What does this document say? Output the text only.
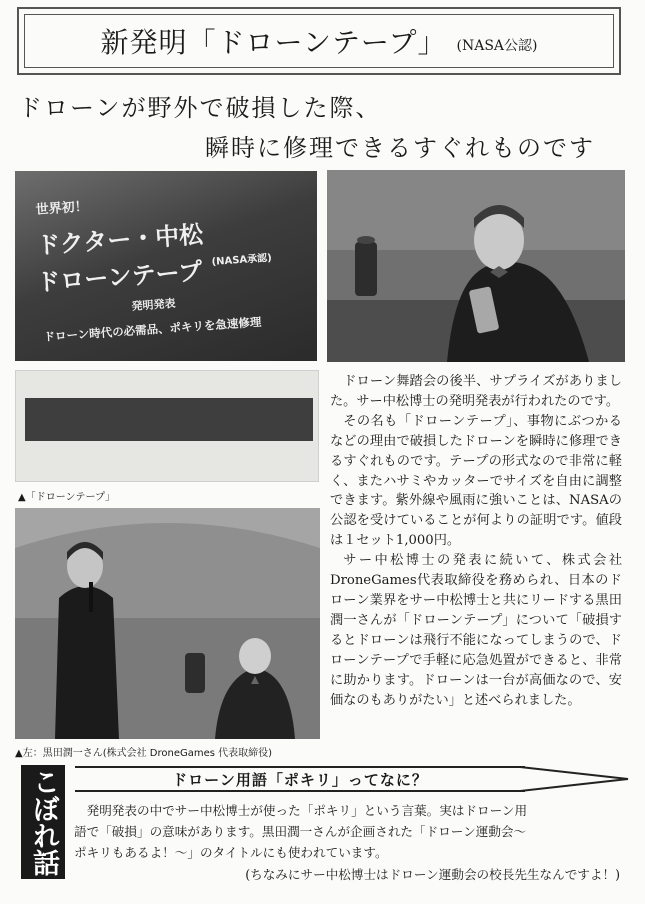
新発明「ドローンテープ」 (NASA公認)
ドローンが野外で破損した際、
瞬時に修理できるすぐれものです
世界初！
ドクター・中松
ドローンテープ (NASA承認)
発明発表
ドローン時代の必需品、ポキリを急速修理
▲「ドローンテープ」
▲左：黒田潤一さん(株式会社 DroneGames 代表取締役)

ドローン舞踏会の後半、サプライズがありました。サー中松博士の発明発表が行われたのです。

その名も「ドローンテープ」、事物にぶつかるなどの理由で破損したドローンを瞬時に修理できるすぐれものです。テープの形式なので非常に軽く、またハサミやカッターでサイズを自由に調整できます。紫外線や風雨に強いことは、NASAの公認を受けていることが何よりの証明です。値段は１セット1,000円。

サー中松博士の発表に続いて、株式会社DroneGames代表取締役を務められ、日本のドローン業界をサー中松博士と共にリードする黒田潤一さんが「ドローンテープ」について「破損するとドローンは飛行不能になってしまうので、ドローンテープで手軽に応急処置ができると、非常に助かります。ドローンは一台が高価なので、安価なのもありがたい」と述べられました。

こぼれ話	ドローン用語「ポキリ」ってなに？
発明発表の中でサー中松博士が使った「ポキリ」という言葉。実はドローン用
語で「破損」の意味があります。黒田潤一さんが企画された「ドローン運動会〜
ポキリもあるよ！〜」のタイトルにも使われています。
(ちなみにサー中松博士はドローン運動会の校長先生なんですよ！)
